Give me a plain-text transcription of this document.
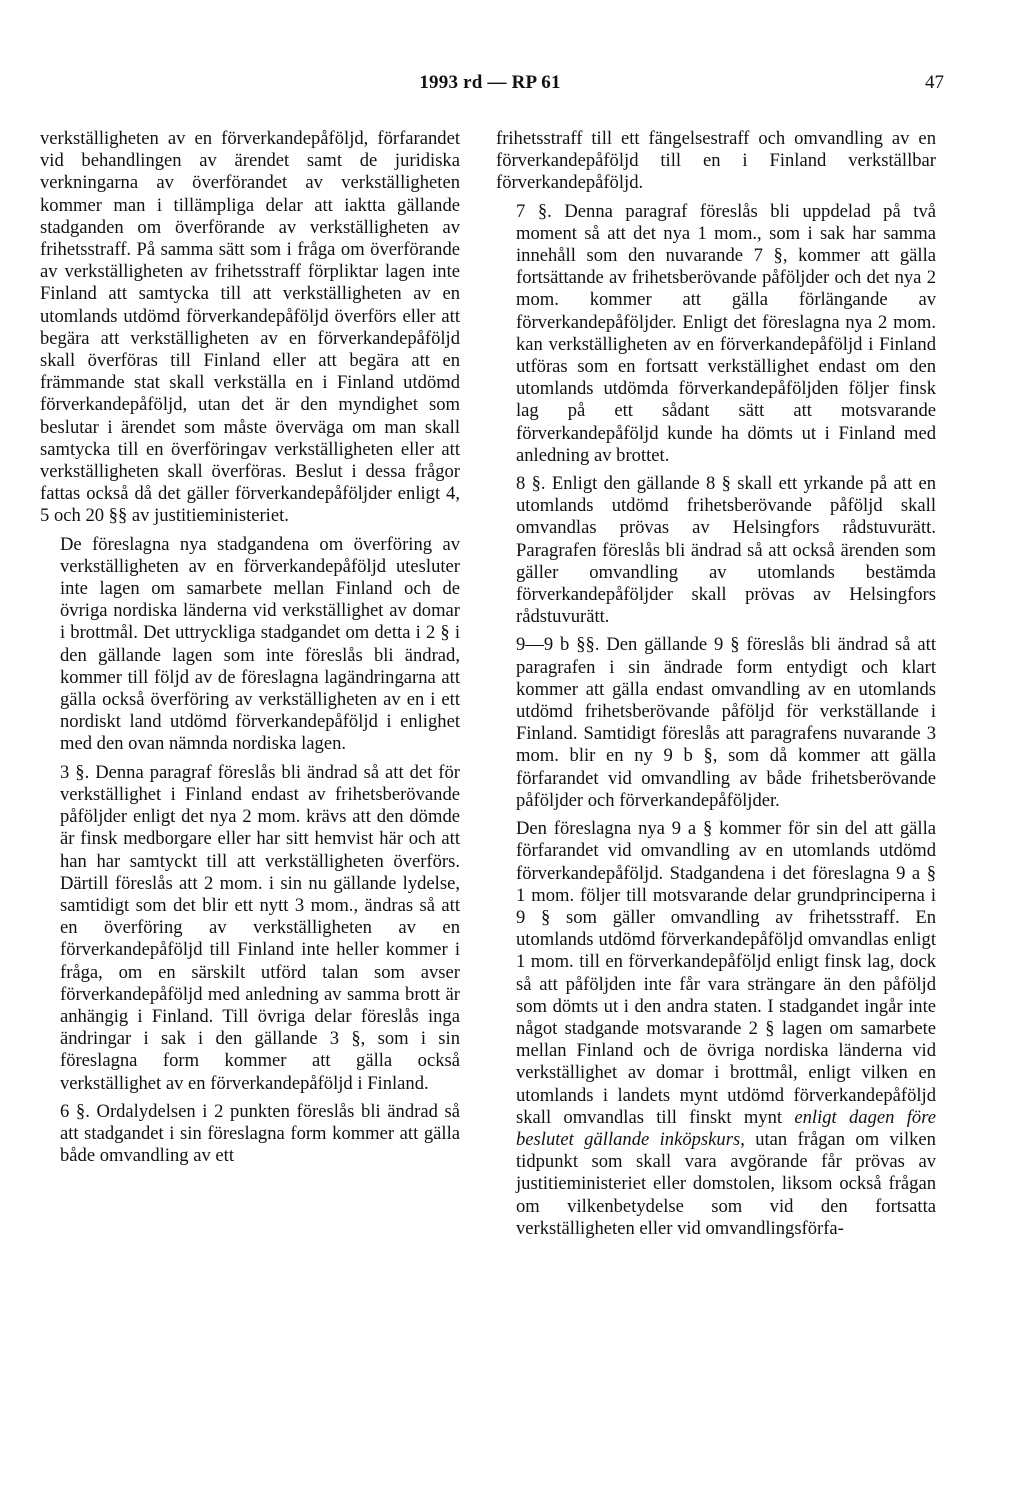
1993 rd — RP 61	47

verkställigheten av en förverkandepåföljd, förfarandet vid behandlingen av ärendet samt de juridiska verkningarna av överförandet av verkställigheten kommer man i tillämpliga delar att iaktta gällande stadganden om överförande av verkställigheten av frihetsstraff. På samma sätt som i fråga om överförande av verkställigheten av frihetsstraff förpliktar lagen inte Finland att samtycka till att verkställigheten av en utomlands utdömd förverkandepåföljd överförs eller att begära att verkställigheten av en förverkandepåföljd skall överföras till Finland eller att begära att en främmande stat skall verkställa en i Finland utdömd förverkandepåföljd, utan det är den myndighet som beslutar i ärendet som måste överväga om man skall samtycka till en överföringav verkställigheten eller att verkställigheten skall överföras. Beslut i dessa frågor fattas också då det gäller förverkandepåföljder enligt 4, 5 och 20 §§ av justitieministeriet.

De föreslagna nya stadgandena om överföring av verkställigheten av en förverkandepåföljd utesluter inte lagen om samarbete mellan Finland och de övriga nordiska länderna vid verkställighet av domar i brottmål. Det uttryckliga stadgandet om detta i 2 § i den gällande lagen som inte föreslås bli ändrad, kommer till följd av de föreslagna lagändringarna att gälla också överföring av verkställigheten av en i ett nordiskt land utdömd förverkandepåföljd i enlighet med den ovan nämnda nordiska lagen.

3 §. Denna paragraf föreslås bli ändrad så att det för verkställighet i Finland endast av frihetsberövande påföljder enligt det nya 2 mom. krävs att den dömde är finsk medborgare eller har sitt hemvist här och att han har samtyckt till att verkställigheten överförs. Därtill föreslås att 2 mom. i sin nu gällande lydelse, samtidigt som det blir ett nytt 3 mom., ändras så att en överföring av verkställigheten av en förverkandepåföljd till Finland inte heller kommer i fråga, om en särskilt utförd talan som avser förverkandepåföljd med anledning av samma brott är anhängig i Finland. Till övriga delar föreslås inga ändringar i sak i den gällande 3 §, som i sin föreslagna form kommer att gälla också verkställighet av en förverkandepåföljd i Finland.

6 §. Ordalydelsen i 2 punkten föreslås bli ändrad så att stadgandet i sin föreslagna form kommer att gälla både omvandling av ett

frihetsstraff till ett fängelsestraff och omvandling av en förverkandepåföljd till en i Finland verkställbar förverkandepåföljd.

7 §. Denna paragraf föreslås bli uppdelad på två moment så att det nya 1 mom., som i sak har samma innehåll som den nuvarande 7 §, kommer att gälla fortsättande av frihetsberövande påföljder och det nya 2 mom. kommer att gälla förlängande av förverkandepåföljder. Enligt det föreslagna nya 2 mom. kan verkställigheten av en förverkandepåföljd i Finland utföras som en fortsatt verkställighet endast om den utomlands utdömda förverkandepåföljden följer finsk lag på ett sådant sätt att motsvarande förverkandepåföljd kunde ha dömts ut i Finland med anledning av brottet.

8 §. Enligt den gällande 8 § skall ett yrkande på att en utomlands utdömd frihetsberövande påföljd skall omvandlas prövas av Helsingfors rådstuvurätt. Paragrafen föreslås bli ändrad så att också ärenden som gäller omvandling av utomlands bestämda förverkandepåföljder skall prövas av Helsingfors rådstuvurätt.

9—9 b §§. Den gällande 9 § föreslås bli ändrad så att paragrafen i sin ändrade form entydigt och klart kommer att gälla endast omvandling av en utomlands utdömd frihetsberövande påföljd för verkställande i Finland. Samtidigt föreslås att paragrafens nuvarande 3 mom. blir en ny 9 b §, som då kommer att gälla förfarandet vid omvandling av både frihetsberövande påföljder och förverkandepåföljder.

Den föreslagna nya 9 a § kommer för sin del att gälla förfarandet vid omvandling av en utomlands utdömd förverkandepåföljd. Stadgandena i det föreslagna 9 a § 1 mom. följer till motsvarande delar grundprinciperna i 9 § som gäller omvandling av frihetsstraff. En utomlands utdömd förverkandepåföljd omvandlas enligt 1 mom. till en förverkandepåföljd enligt finsk lag, dock så att påföljden inte får vara strängare än den påföljd som dömts ut i den andra staten. I stadgandet ingår inte något stadgande motsvarande 2 § lagen om samarbete mellan Finland och de övriga nordiska länderna vid verkställighet av domar i brottmål, enligt vilken en utomlands i landets mynt utdömd förverkandepåföljd skall omvandlas till finskt mynt enligt dagen före beslutet gällande inköpskurs, utan frågan om vilken tidpunkt som skall vara avgörande får prövas av justitieministeriet eller domstolen, liksom också frågan om vilkenbetydelse som vid den fortsatta verkställigheten eller vid omvandlingsförfa-
